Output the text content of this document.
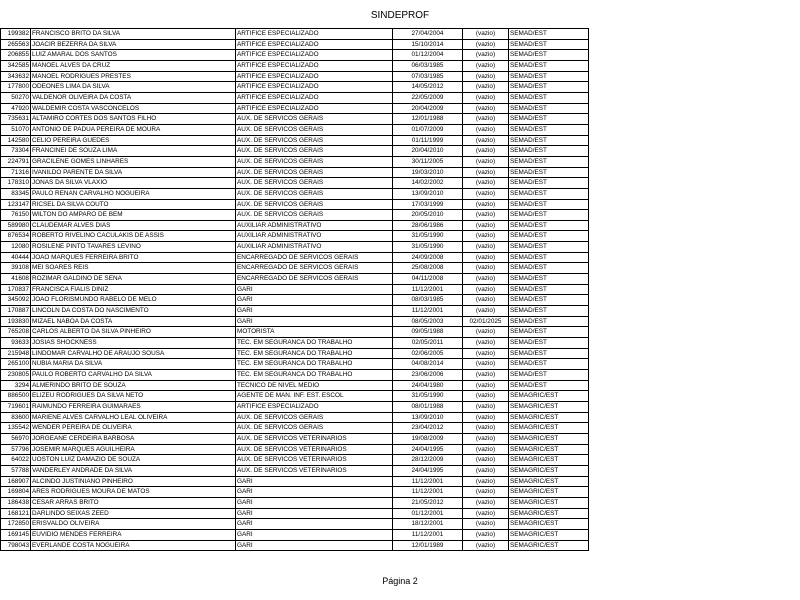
SINDEPROF
199382	FRANCISCO BRITO DA SILVA	ARTIFICE ESPECIALIZADO	27/04/2004	(vazio)	SEMAD/EST
265563	JOACIR BEZERRA DA SILVA	ARTIFICE ESPECIALIZADO	15/10/2014	(vazio)	SEMAD/EST
206855	LUIZ AMARAL DOS SANTOS	ARTIFICE ESPECIALIZADO	01/12/2004	(vazio)	SEMAD/EST
342585	MANOEL ALVES DA CRUZ	ARTIFICE ESPECIALIZADO	06/03/1985	(vazio)	SEMAD/EST
343632	MANOEL RODRIGUES PRESTES	ARTIFICE ESPECIALIZADO	07/03/1985	(vazio)	SEMAD/EST
177800	ODEONES LIMA DA SILVA	ARTIFICE ESPECIALIZADO	14/05/2012	(vazio)	SEMAD/EST
50270	VALDENOR OLIVEIRA DA COSTA	ARTIFICE ESPECIALIZADO	22/05/2009	(vazio)	SEMAD/EST
47920	WALDEMIR COSTA VASCONCELOS	ARTIFICE ESPECIALIZADO	20/04/2009	(vazio)	SEMAD/EST
735631	ALTAMIRO CORTES DOS SANTOS FILHO	AUX. DE SERVICOS GERAIS	12/01/1988	(vazio)	SEMAD/EST
51070	ANTONIO DE PADUA PEREIRA DE MOURA	AUX. DE SERVICOS GERAIS	01/07/2009	(vazio)	SEMAD/EST
142580	CELIO PEREIRA GUEDES	AUX. DE SERVICOS GERAIS	01/11/1999	(vazio)	SEMAD/EST
73304	FRANCINEI DE SOUZA LIMA	AUX. DE SERVICOS GERAIS	20/04/2010	(vazio)	SEMAD/EST
224791	GRACILENE GOMES LINHARES	AUX. DE SERVICOS GERAIS	30/11/2005	(vazio)	SEMAD/EST
71316	IVANILDO PARENTE DA SILVA	AUX. DE SERVICOS GERAIS	19/03/2010	(vazio)	SEMAD/EST
178310	JONAS DA SILVA VLAXIO	AUX. DE SERVICOS GERAIS	14/02/2002	(vazio)	SEMAD/EST
83345	PAULO RENAN CARVALHO NOGUEIRA	AUX. DE SERVICOS GERAIS	13/09/2010	(vazio)	SEMAD/EST
123147	RICSEL DA SILVA COUTO	AUX. DE SERVICOS GERAIS	17/03/1999	(vazio)	SEMAD/EST
76150	WILTON DO AMPARO DE BEM	AUX. DE SERVICOS GERAIS	20/05/2010	(vazio)	SEMAD/EST
589980	CLAUDEMAR ALVES DIAS	AUXILIAR ADMINISTRATIVO	28/06/1986	(vazio)	SEMAD/EST
876534	ROBERTO RIVELINO CACULAKIS DE ASSIS	AUXILIAR ADMINISTRATIVO	31/05/1990	(vazio)	SEMAD/EST
12080	ROSILENE PINTO TAVARES LEVINO	AUXILIAR ADMINISTRATIVO	31/05/1990	(vazio)	SEMAD/EST
40444	JOAO MARQUES FERREIRA BRITO	ENCARREGADO DE SERVICOS GERAIS	24/09/2008	(vazio)	SEMAD/EST
39108	MEI SOARES REIS	ENCARREGADO DE SERVICOS GERAIS	25/08/2008	(vazio)	SEMAD/EST
41608	ROZIMAR GALDINO DE SENA	ENCARREGADO DE SERVICOS GERAIS	04/11/2008	(vazio)	SEMAD/EST
170837	FRANCISCA FIALIS DINIZ	GARI	11/12/2001	(vazio)	SEMAD/EST
345092	JOAO FLORISMUNDO RABELO DE MELO	GARI	08/03/1985	(vazio)	SEMAD/EST
170887	LINCOLN DA COSTA DO NASCIMENTO	GARI	11/12/2001	(vazio)	SEMAD/EST
193830	MIZAEL NABOA DA COSTA	GARI	08/05/2003	02/01/2025	SEMAD/EST
765208	CARLOS ALBERTO DA SILVA PINHEIRO	MOTORISTA	09/05/1988	(vazio)	SEMAD/EST
93633	JOSIAS SHOCKNESS	TEC. EM SEGURANCA DO TRABALHO	02/05/2011	(vazio)	SEMAD/EST
215948	LINDOMAR CARVALHO DE ARAUJO SOUSA	TEC. EM SEGURANCA DO TRABALHO	02/06/2005	(vazio)	SEMAD/EST
265100	NUBIA MARIA DA SILVA	TEC. EM SEGURANCA DO TRABALHO	04/08/2014	(vazio)	SEMAD/EST
230805	PAULO ROBERTO CARVALHO DA SILVA	TEC. EM SEGURANCA DO TRABALHO	23/06/2006	(vazio)	SEMAD/EST
3294	ALMERINDO BRITO DE SOUZA	TECNICO DE NIVEL MEDIO	24/04/1980	(vazio)	SEMAD/EST
886500	ELIZEU RODRIGUES DA SILVA NETO	AGENTE DE MAN. INF. EST. ESCOL	31/05/1990	(vazio)	SEMAGRIC/EST
719601	RAIMUNDO FERREIRA GUIMARAES	ARTIFICE ESPECIALIZADO	08/01/1988	(vazio)	SEMAGRIC/EST
83600	MARIENE ALVES CARVALHO LEAL OLIVEIRA	AUX. DE SERVICOS GERAIS	13/09/2010	(vazio)	SEMAGRIC/EST
135542	WENDER PEREIRA DE OLIVEIRA	AUX. DE SERVICOS GERAIS	23/04/2012	(vazio)	SEMAGRIC/EST
56970	JORGEANE CERDEIRA BARBOSA	AUX. DE SERVICOS VETERINARIOS	19/08/2009	(vazio)	SEMAGRIC/EST
57796	JOSEMIR MARQUES AGUILHEIRA	AUX. DE SERVICOS VETERINARIOS	24/04/1995	(vazio)	SEMAGRIC/EST
64022	UOSTON LUIZ DAMAZIO DE SOUZA	AUX. DE SERVICOS VETERINARIOS	28/12/2009	(vazio)	SEMAGRIC/EST
57788	VANDERLEY ANDRADE DA SILVA	AUX. DE SERVICOS VETERINARIOS	24/04/1995	(vazio)	SEMAGRIC/EST
168907	ALCINDO JUSTINIANO PINHEIRO	GARI	11/12/2001	(vazio)	SEMAGRIC/EST
169804	ARES RODRIGUES MOURA DE MATOS	GARI	11/12/2001	(vazio)	SEMAGRIC/EST
186438	CESAR ARRAS BRITO	GARI	21/05/2012	(vazio)	SEMAGRIC/EST
168121	DARLINDO SEIXAS ZEED	GARI	01/12/2001	(vazio)	SEMAGRIC/EST
172850	ERISVALDO OLIVEIRA	GARI	18/12/2001	(vazio)	SEMAGRIC/EST
169145	EUVIDIO MENDES FERREIRA	GARI	11/12/2001	(vazio)	SEMAGRIC/EST
798043	EVERLANDE COSTA NOGUEIRA	GARI	12/01/1989	(vazio)	SEMAGRIC/EST
Página 2
